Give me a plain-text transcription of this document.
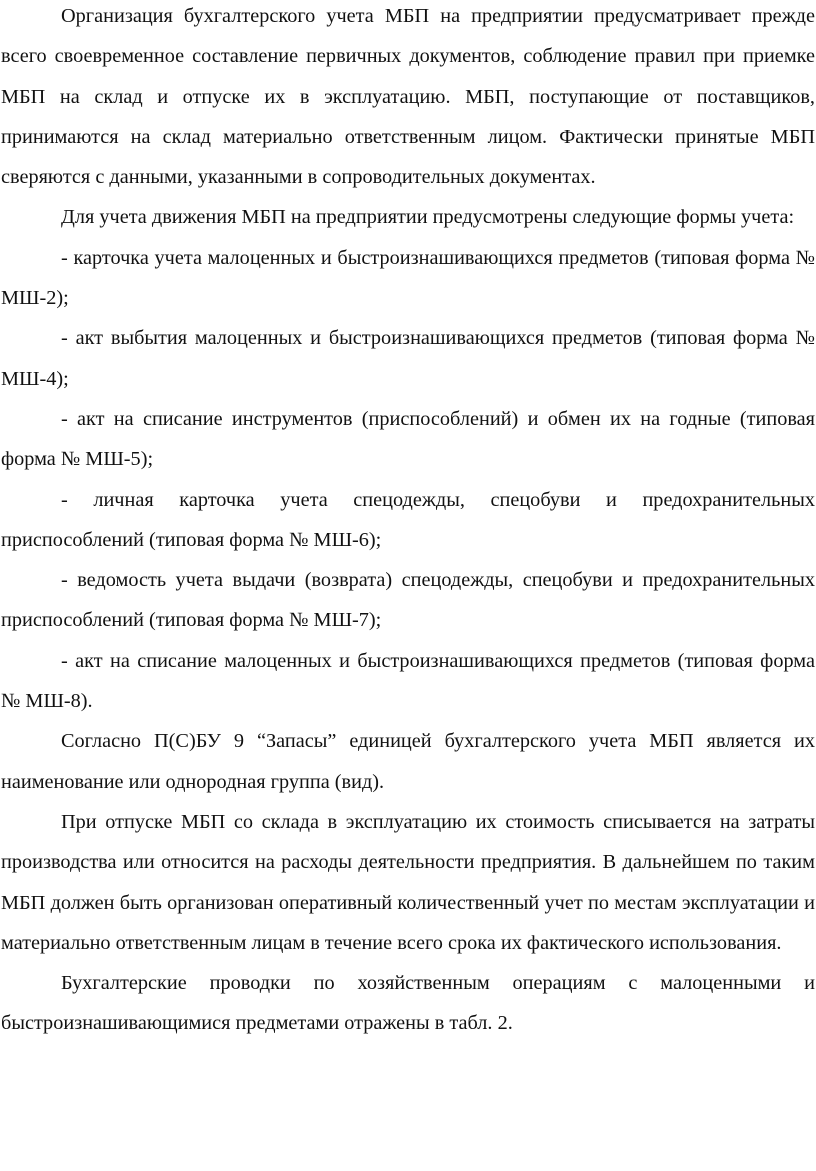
Организация бухгалтерского учета МБП на предприятии предусматривает прежде всего своевременное составление первичных документов, соблюдение правил при приемке МБП на склад и отпуске их в эксплуатацию. МБП, поступающие от поставщиков, принимаются на склад материально ответственным лицом. Фактически принятые МБП сверяются с данными, указанными в сопроводительных документах.

Для учета движения МБП на предприятии предусмотрены следующие формы учета:

- карточка учета малоценных и быстроизнашивающихся предметов (типовая форма № МШ-2);

- акт выбытия малоценных и быстроизнашивающихся предметов (типовая форма № МШ-4);

- акт на списание инструментов (приспособлений) и обмен их на годные (типовая форма № МШ-5);

- личная карточка учета спецодежды, спецобуви и предохранительных приспособлений (типовая форма № МШ-6);

- ведомость учета выдачи (возврата) спецодежды, спецобуви и предохранительных приспособлений (типовая форма № МШ-7);

- акт на списание малоценных и быстроизнашивающихся предметов (типовая форма № МШ-8).

Согласно П(С)БУ 9 “Запасы” единицей бухгалтерского учета МБП является их наименование или однородная группа (вид).

При отпуске МБП со склада в эксплуатацию их стоимость списывается на затраты производства или относится на расходы деятельности предприятия. В дальнейшем по таким МБП должен быть организован оперативный количественный учет по местам эксплуатации и материально ответственным лицам в течение всего срока их фактического использования.

Бухгалтерские проводки по хозяйственным операциям с малоценными и быстроизнашивающимися предметами отражены в табл. 2.
